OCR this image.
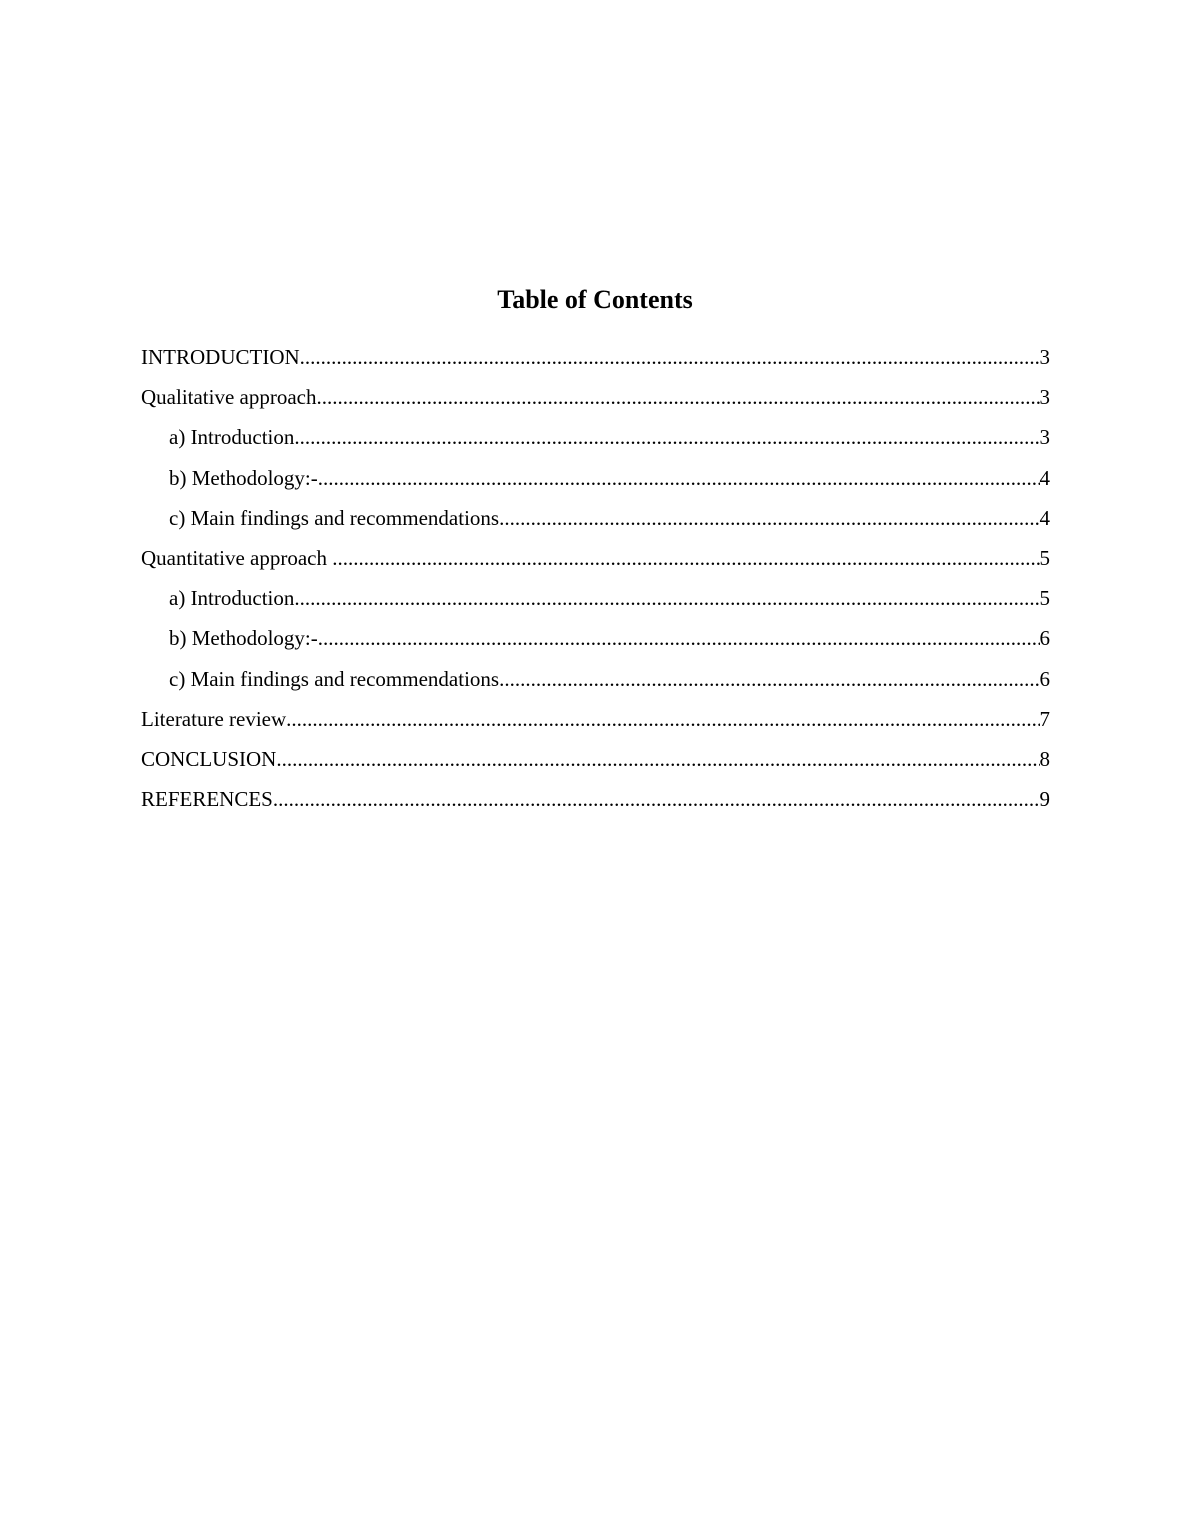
Table of Contents
INTRODUCTION .....	3
Qualitative approach .....	3
a) Introduction .....	3
b) Methodology:- .....	4
c) Main findings and recommendations .....	4
Quantitative approach .....	5
a) Introduction .....	5
b) Methodology:- .....	6
c) Main findings and recommendations .....	6
Literature review .....	7
CONCLUSION .....	8
REFERENCES .....	9
